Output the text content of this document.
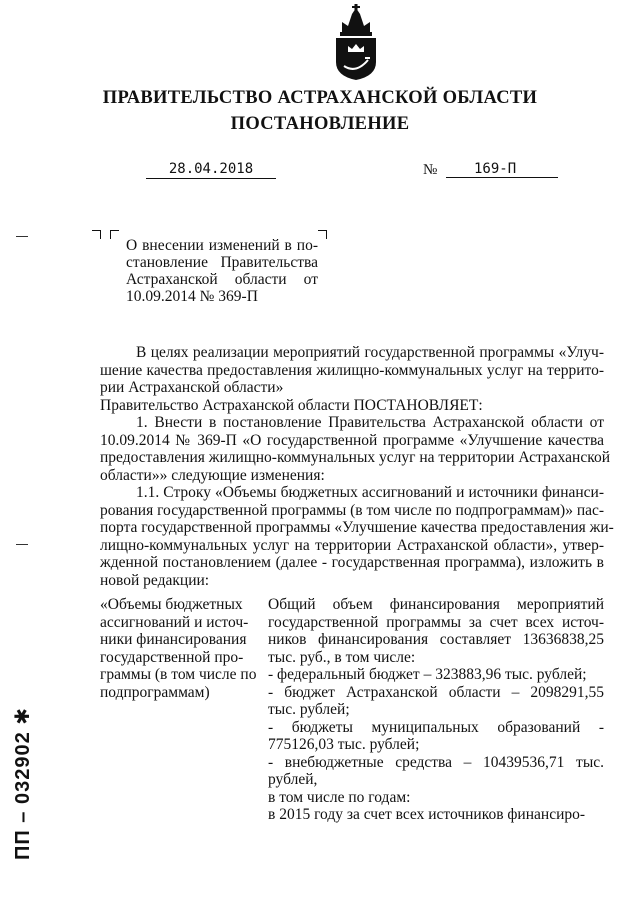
ПРАВИТЕЛЬСТВО АСТРАХАНСКОЙ ОБЛАСТИ
ПОСТАНОВЛЕНИЕ
28.04.2018	№	169-П
О внесении изменений в по-
становление Правительства
Астраханской области от
10.09.2014 № 369-П
В целях реализации мероприятий государственной программы «Улуч-
шение качества предоставления жилищно-коммунальных услуг на террито-
рии Астраханской области»
Правительство Астраханской области ПОСТАНОВЛЯЕТ:
1. Внести в постановление Правительства Астраханской области от
10.09.2014 № 369-П «О государственной программе «Улучшение качества
предоставления жилищно-коммунальных услуг на территории Астраханской
области»» следующие изменения:
1.1. Строку «Объемы бюджетных ассигнований и источники финанси-
рования государственной программы (в том числе по подпрограммам)» пас-
порта государственной программы «Улучшение качества предоставления жи-
лищно-коммунальных услуг на территории Астраханской области», утвер-
жденной постановлением (далее - государственная программа), изложить в
новой редакции:
«Объемы бюджетных
ассигнований и источ-
ники финансирования
государственной про-
граммы (в том числе по
подпрограммам)
Общий объем финансирования мероприятий
государственной программы за счет всех источ-
ников финансирования составляет 13636838,25
тыс. руб., в том числе:
- федеральный бюджет – 323883,96 тыс. рублей;
- бюджет Астраханской области – 2098291,55
тыс. рублей;
- бюджеты муниципальных образований -
775126,03 тыс. рублей;
- внебюджетные средства – 10439536,71 тыс.
рублей,
в том числе по годам:
в 2015 году за счет всех источников финансиро-
ПП – 032902 ✱
